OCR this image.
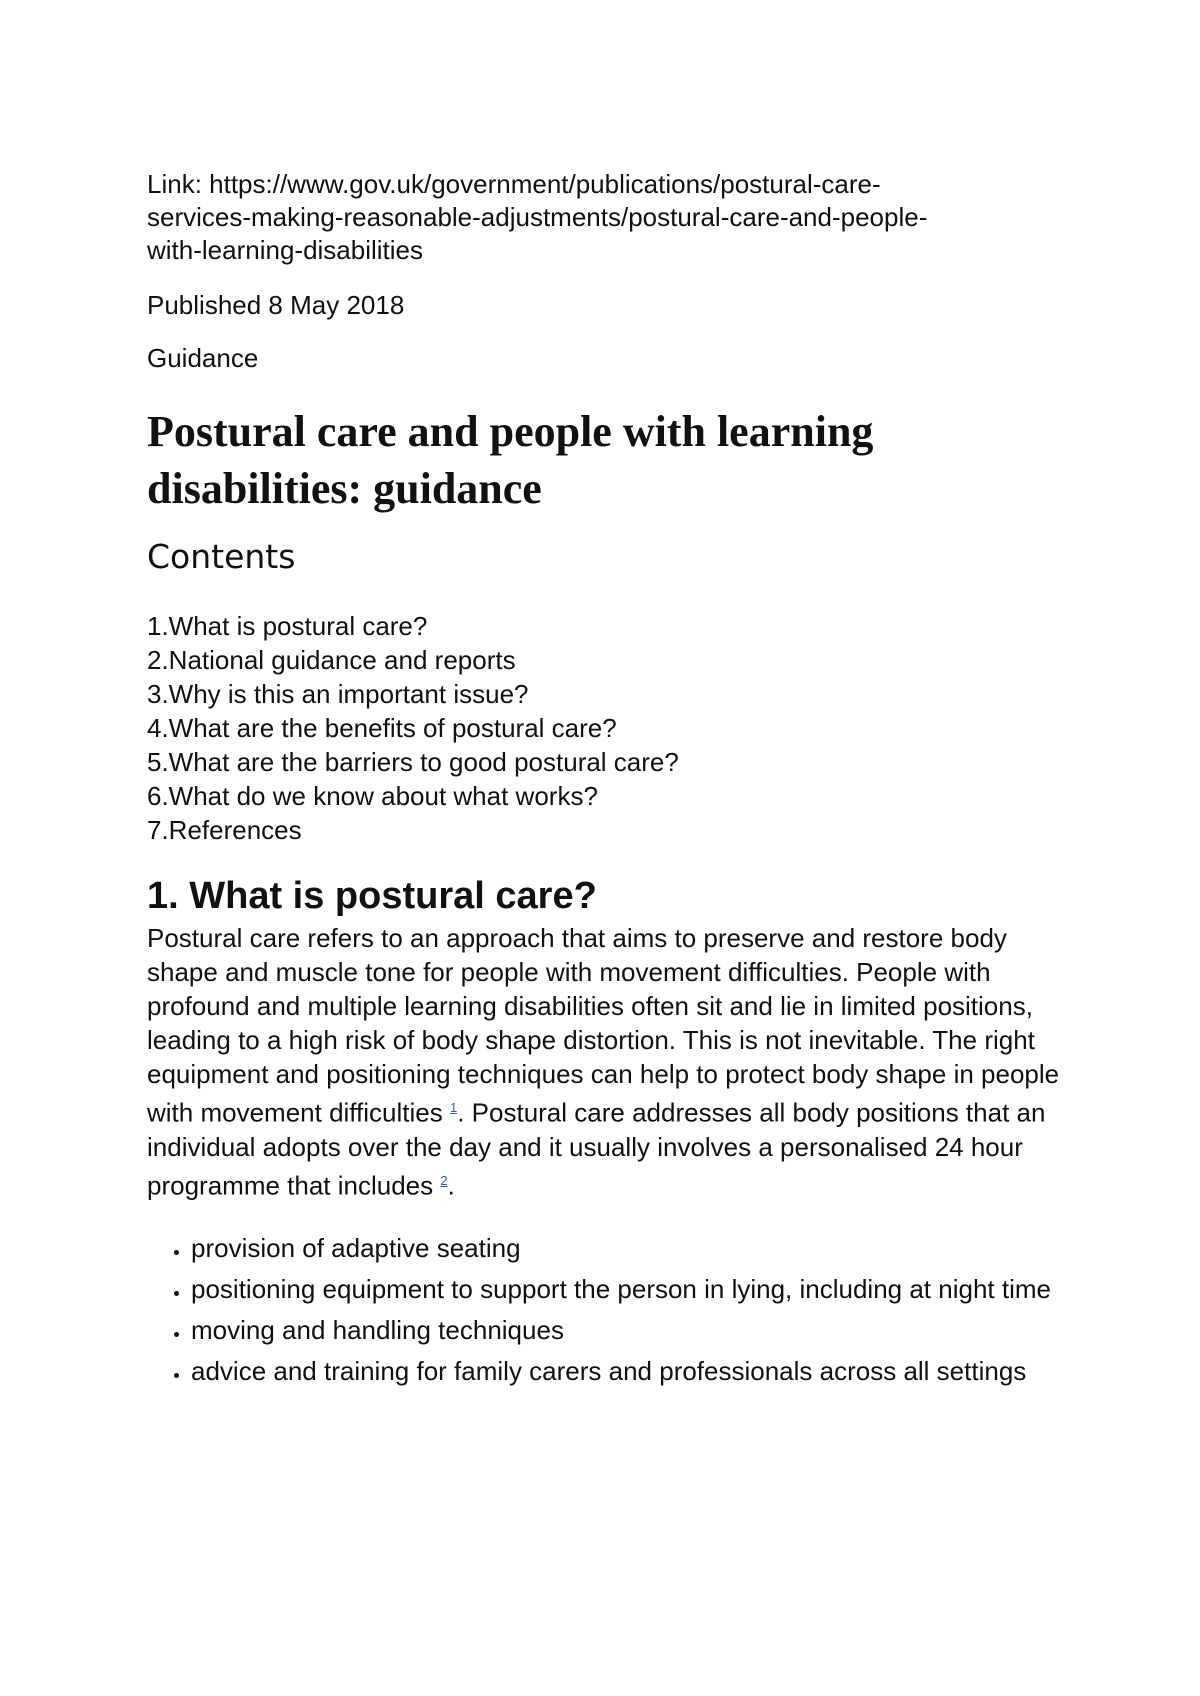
Link: https://www.gov.uk/government/publications/postural-care-
services-making-reasonable-adjustments/postural-care-and-people-
with-learning-disabilities

Published 8 May 2018

Guidance

Postural care and people with learning
disabilities: guidance
Contents
1.What is postural care?
2.National guidance and reports
3.Why is this an important issue?
4.What are the benefits of postural care?
5.What are the barriers to good postural care?
6.What do we know about what works?
7.References
1. What is postural care?

Postural care refers to an approach that aims to preserve and restore body shape and muscle tone for people with movement difficulties. People with profound and multiple learning disabilities often sit and lie in limited positions, leading to a high risk of body shape distortion. This is not inevitable. The right equipment and positioning techniques can help to protect body shape in people with movement difficulties $^1$. Postural care addresses all body positions that an individual adopts over the day and it usually involves a personalised 24 hour programme that includes $^2$.

• provision of adaptive seating
• positioning equipment to support the person in lying, including at night time
• moving and handling techniques
• advice and training for family carers and professionals across all settings
